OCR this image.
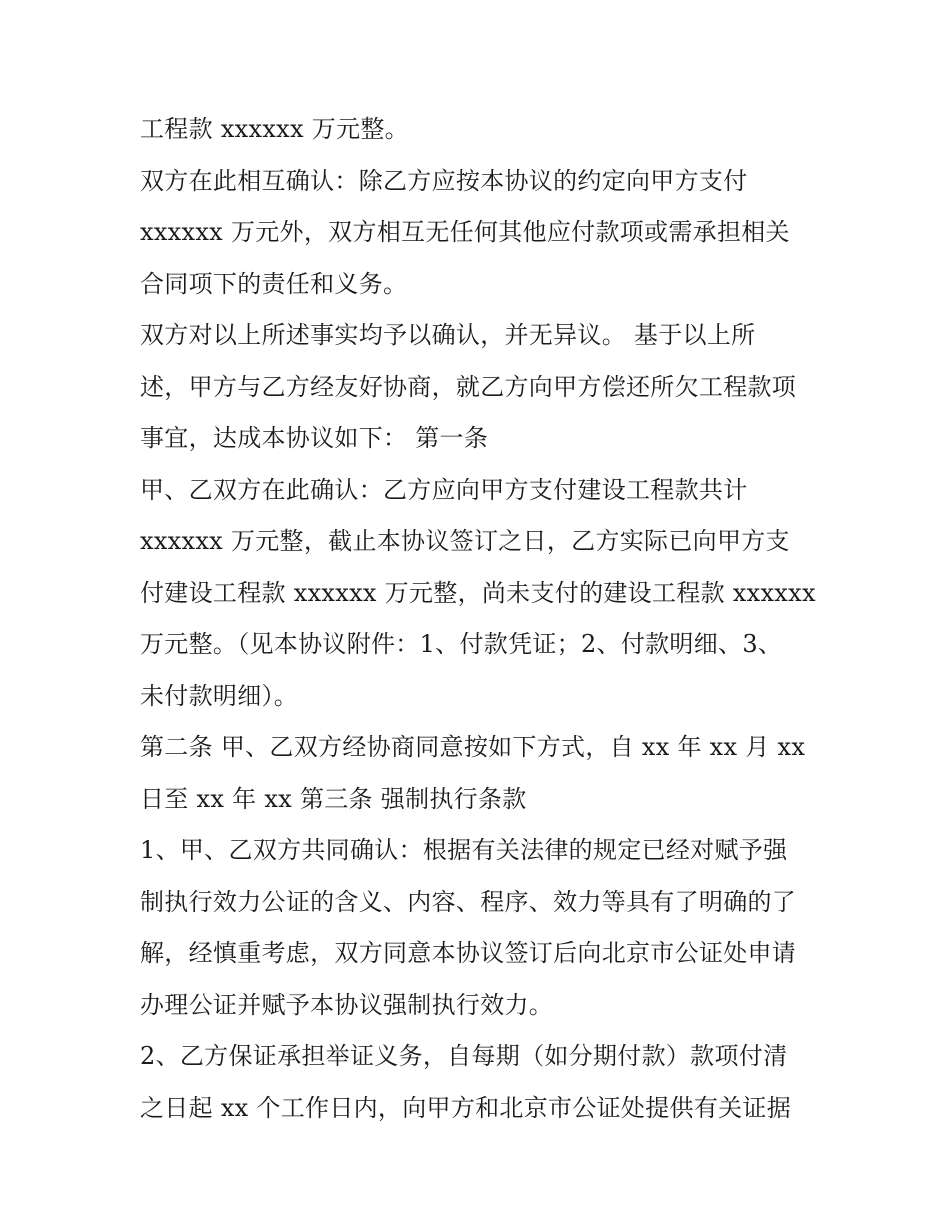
工程款 xxxxxx 万元整。
双方在此相互确认：除乙方应按本协议的约定向甲方支付
xxxxxx 万元外，双方相互无任何其他应付款项或需承担相关
合同项下的责任和义务。
双方对以上所述事实均予以确认，并无异议。 基于以上所
述，甲方与乙方经友好协商，就乙方向甲方偿还所欠工程款项
事宜，达成本协议如下： 第一条
甲、乙双方在此确认：乙方应向甲方支付建设工程款共计
xxxxxx 万元整，截止本协议签订之日，乙方实际已向甲方支
付建设工程款 xxxxxx 万元整，尚未支付的建设工程款 xxxxxx
万元整。（见本协议附件：1、付款凭证；2、付款明细、3、
未付款明细）。
第二条 甲、乙双方经协商同意按如下方式，自 xx 年 xx 月 xx
日至 xx 年 xx 第三条 强制执行条款
1、甲、乙双方共同确认：根据有关法律的规定已经对赋予强
制执行效力公证的含义、内容、程序、效力等具有了明确的了
解，经慎重考虑，双方同意本协议签订后向北京市公证处申请
办理公证并赋予本协议强制执行效力。
2、乙方保证承担举证义务，自每期（如分期付款）款项付清
之日起 xx 个工作日内，向甲方和北京市公证处提供有关证据
